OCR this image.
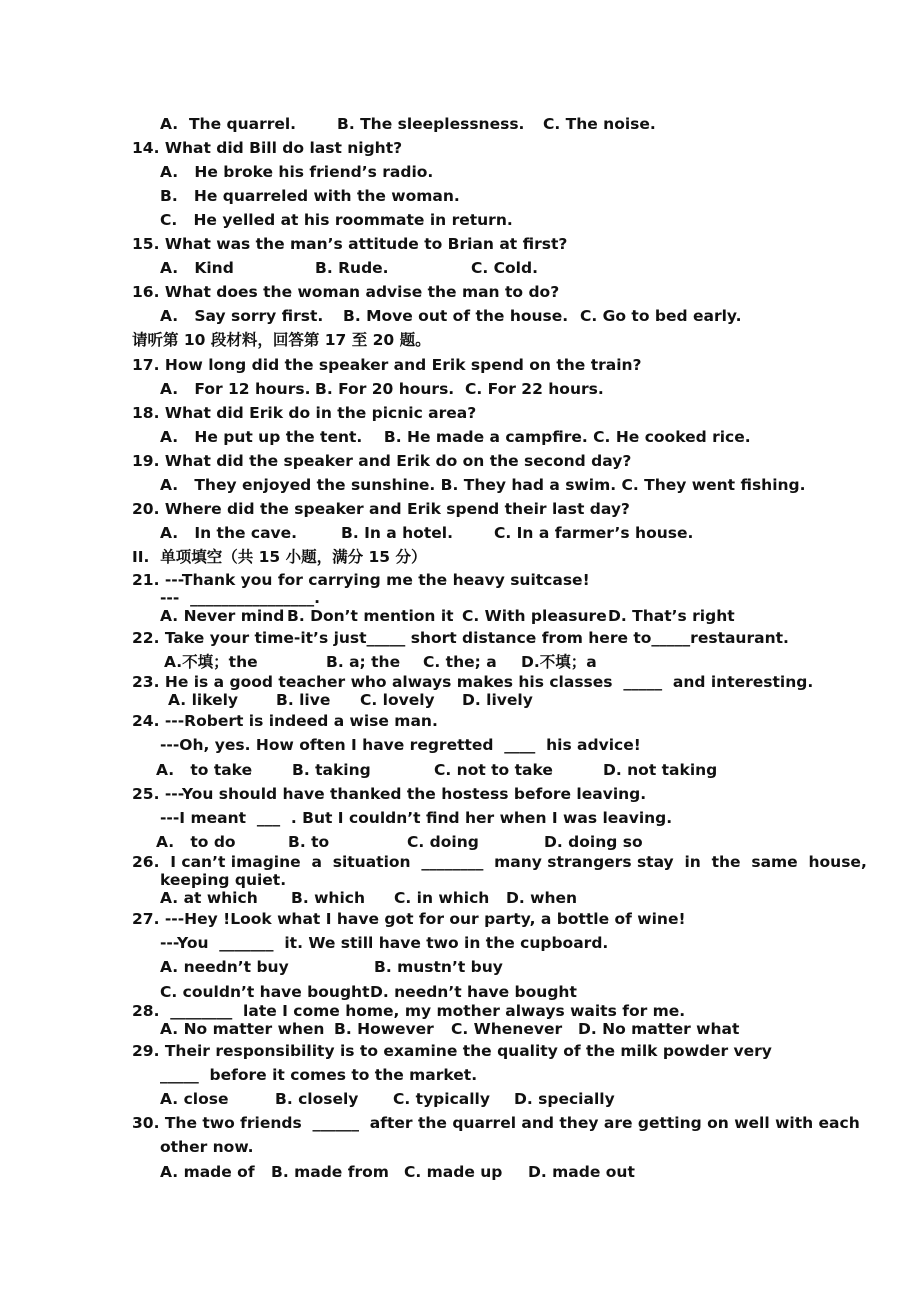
A.  The quarrel.	B. The sleeplessness. C. The noise.
14. What did Bill do last night?
A.   He broke his friend’s radio.
B.   He quarreled with the woman.
C.   He yelled at his roommate in return.
15. What was the man’s attitude to Brian at first?
A.   Kind	B. Rude.	C. Cold.
16. What does the woman advise the man to do?
A.   Say sorry first. B. Move out of the house. C. Go to bed early.
请听第 10 段材料，回答第 17 至 20 题。
17. How long did the speaker and Erik spend on the train?
A.   For 12 hours. B. For 20 hours. C. For 22 hours.
18. What did Erik do in the picnic area?
A.   He put up the tent.    B. He made a campfire. C. He cooked rice.
19. What did the speaker and Erik do on the second day?
A.   They enjoyed the sunshine. B. They had a swim. C. They went fishing.
20. Where did the speaker and Erik spend their last day?
A.   In the cave.	B. In a hotel.	C. In a farmer’s house.
II.  单项填空（共 15 小题，满分 15 分）
21. ---Thank you for carrying me the heavy suitcase!
---  ________________.
A. Never mind B. Don’t mention it C. With pleasure D. That’s right
22. Take your time-it’s just_____ short distance from here to_____restaurant.
A.不填；the	B. a; the C. the; a D.不填；a
23. He is a good teacher who always makes his classes  _____  and interesting.
A. likely B. live C. lovely D. lively
24. ---Robert is indeed a wise man.
---Oh, yes. How often I have regretted  ____  his advice!
A.   to take	B. taking	C. not to take	D. not taking
25. ---You should have thanked the hostess before leaving.
---I meant  ___  . But I couldn’t find her when I was leaving.
A.   to do	B. to	C. doing	D. doing so
26.  I can’t imagine  a  situation  ________  many strangers stay  in  the  same  house,
keeping quiet.
A. at which B. which C. in which D. when
27. ---Hey !Look what I have got for our party, a bottle of wine!
---You  _______  it. We still have two in the cupboard.
A. needn’t buy	B. mustn’t buy
C. couldn’t have bought D. needn’t have bought
28.  ________  late I come home, my mother always waits for me.
A. No matter when B. However C. Whenever D. No matter what
29. Their responsibility is to examine the quality of the milk powder very
_____  before it comes to the market.
A. close	B. closely C. typically D. specially
30. The two friends  ______  after the quarrel and they are getting on well with each
other now.
A. made of B. made from C. made up D. made out
